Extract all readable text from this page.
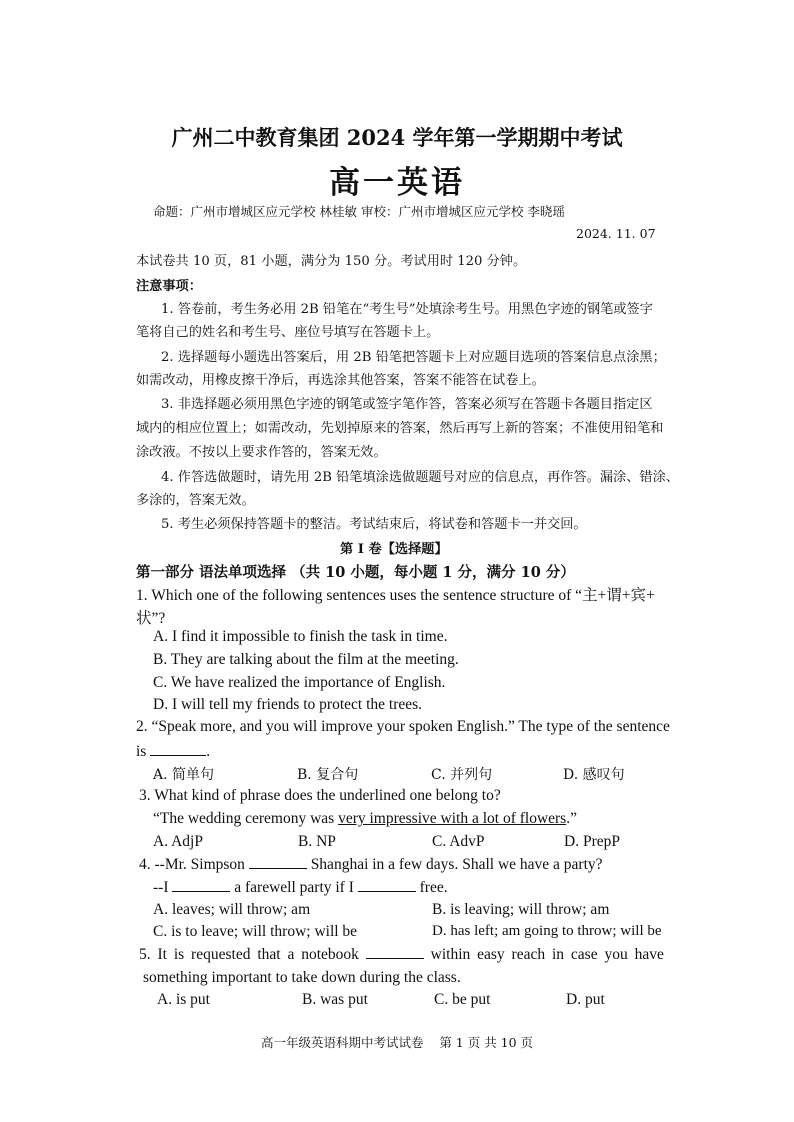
广州二中教育集团 2024 学年第一学期期中考试
高一英语
命题：广州市增城区应元学校 林桂敏 审校：广州市增城区应元学校 李晓瑶
2024. 11. 07
本试卷共 10 页，81 小题，满分为 150 分。考试用时 120 分钟。
注意事项：
1. 答卷前，考生务必用 2B 铅笔在“考生号”处填涂考生号。用黑色字迹的钢笔或签字
笔将自己的姓名和考生号、座位号填写在答题卡上。
2. 选择题每小题选出答案后，用 2B 铅笔把答题卡上对应题目选项的答案信息点涂黑；
如需改动，用橡皮擦干净后，再选涂其他答案，答案不能答在试卷上。
3. 非选择题必须用黑色字迹的钢笔或签字笔作答，答案必须写在答题卡各题目指定区
域内的相应位置上；如需改动，先划掉原来的答案，然后再写上新的答案；不准使用铅笔和
涂改液。不按以上要求作答的，答案无效。
4. 作答选做题时，请先用 2B 铅笔填涂选做题题号对应的信息点，再作答。漏涂、错涂、
多涂的，答案无效。
5. 考生必须保持答题卡的整洁。考试结束后，将试卷和答题卡一并交回。
第 I 卷【选择题】
第一部分 语法单项选择 （共 10 小题，每小题 1 分，满分 10 分）
1. Which one of the following sentences uses the sentence structure of “主+谓+宾+
状”?
A. I find it impossible to finish the task in time.
B. They are talking about the film at the meeting.
C. We have realized the importance of English.
D. I will tell my friends to protect the trees.
2. “Speak more, and you will improve your spoken English.” The type of the sentence
is	.
A. 简单句	B. 复合句	C. 并列句	D. 感叹句
3. What kind of phrase does the underlined one belong to?
“The wedding ceremony was very impressive with a lot of flowers.”
A. AdjP	B. NP	C. AdvP	D. PrepP
4. --Mr. Simpson	Shanghai in a few days. Shall we have a party?
--I	a farewell party if I	free.
A. leaves; will throw; am	B. is leaving; will throw; am
C. is to leave; will throw; will be	D. has left; am going to throw; will be
5. It is requested that a notebook	within easy reach in case you have
something important to take down during the class.
A. is put	B. was put	C. be put	D. put
高一年级英语科期中考试试卷    第 1 页 共 10 页
